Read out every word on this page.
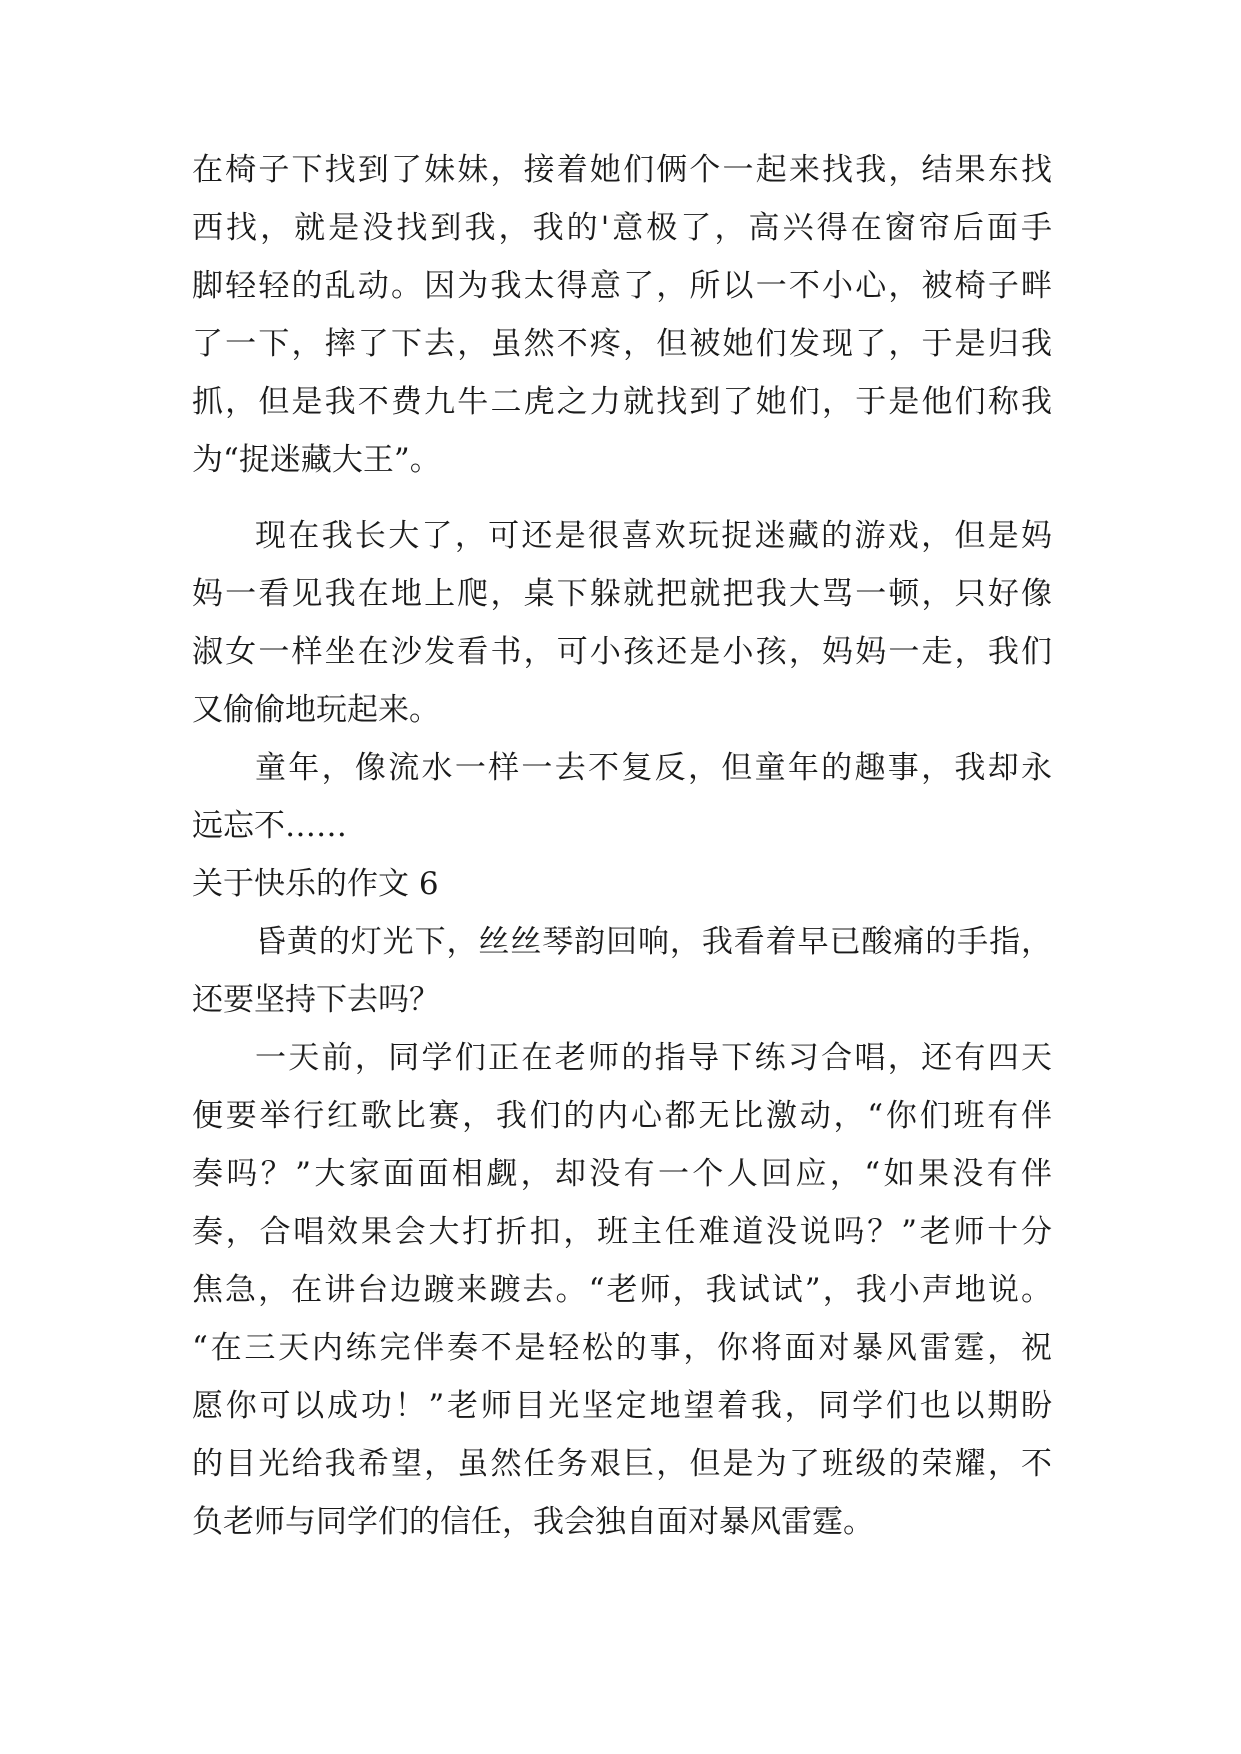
在椅子下找到了妹妹，接着她们俩个一起来找我，结果东找
西找，就是没找到我，我的'意极了，高兴得在窗帘后面手
脚轻轻的乱动。因为我太得意了，所以一不小心，被椅子畔
了一下，摔了下去，虽然不疼，但被她们发现了，于是归我
抓，但是我不费九牛二虎之力就找到了她们，于是他们称我
为“捉迷藏大王”。
现在我长大了，可还是很喜欢玩捉迷藏的游戏，但是妈
妈一看见我在地上爬，桌下躲就把就把我大骂一顿，只好像
淑女一样坐在沙发看书，可小孩还是小孩，妈妈一走，我们
又偷偷地玩起来。
童年，像流水一样一去不复反，但童年的趣事，我却永
远忘不……
关于快乐的作文 6
昏黄的灯光下，丝丝琴韵回响，我看着早已酸痛的手指，
还要坚持下去吗？
一天前，同学们正在老师的指导下练习合唱，还有四天
便要举行红歌比赛，我们的内心都无比激动，“你们班有伴
奏吗？”大家面面相觑，却没有一个人回应，“如果没有伴
奏，合唱效果会大打折扣，班主任难道没说吗？”老师十分
焦急，在讲台边踱来踱去。“老师，我试试”，我小声地说。
“在三天内练完伴奏不是轻松的事，你将面对暴风雷霆，祝
愿你可以成功！”老师目光坚定地望着我，同学们也以期盼
的目光给我希望，虽然任务艰巨，但是为了班级的荣耀，不
负老师与同学们的信任，我会独自面对暴风雷霆。
